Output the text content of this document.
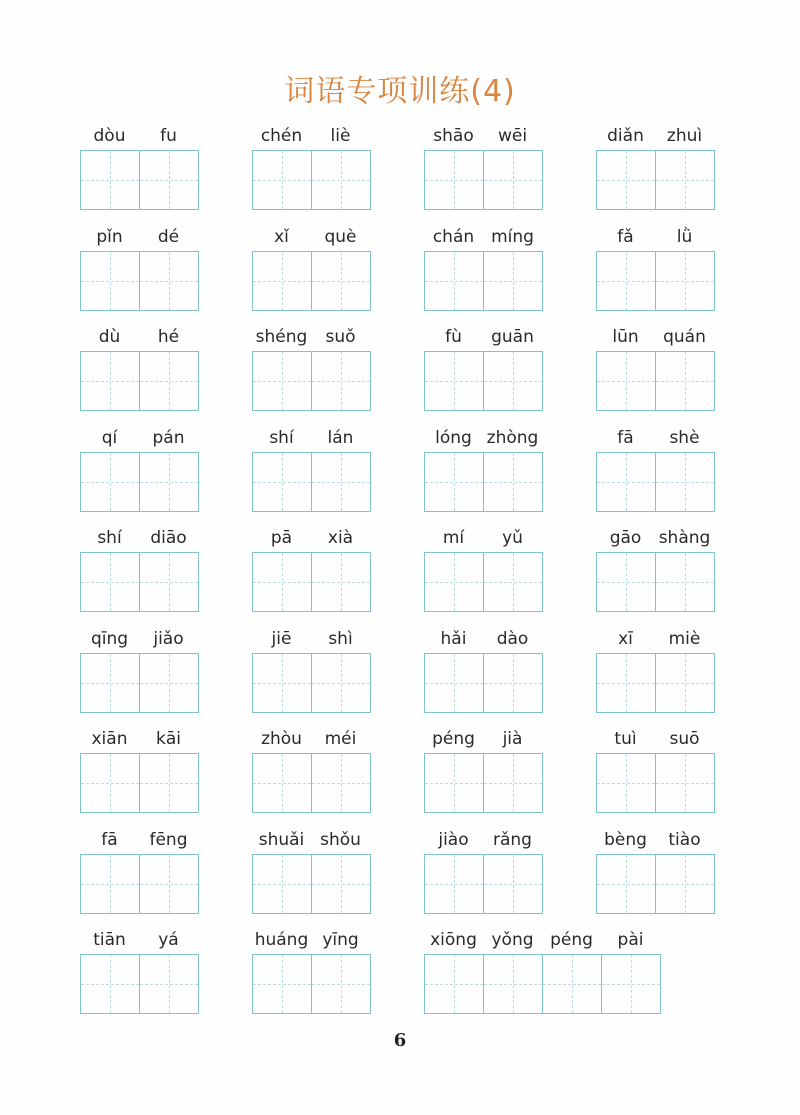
词语专项训练(4)
dòu	fu	chén	liè	shāo	wēi	diǎn	zhuì
pǐn	dé	xǐ	què	chán míng	fǎ	lǜ
dù	hé	shéng	suǒ	fù	guān	lūn	quán
qí	pán	shí	lán	lóng zhòng	fā	shè
shí	diāo	pā	xià	mí	yǔ	gāo	shàng
qīng	jiǎo	jiē	shì	hǎi	dào	xī	miè
xiān	kāi	zhòu	méi	péng	jià	tuì	suō
fā	fēng	shuǎi shǒu	jiào	rǎng	bèng	tiào
tiān	yá	huáng yīng	xiōng yǒng péng	pài
6
